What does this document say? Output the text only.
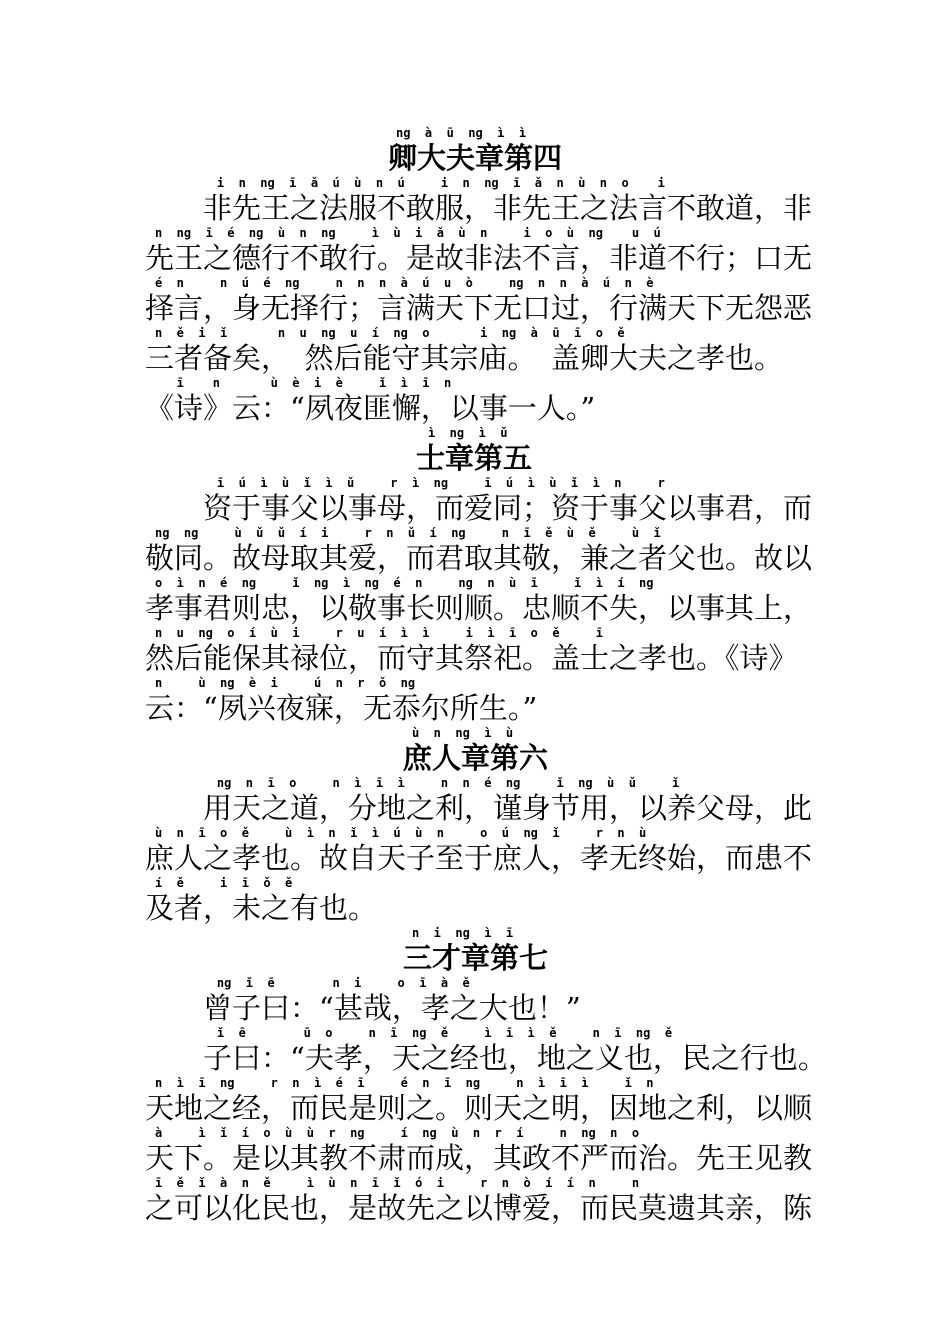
ng  à  ū  ng  ì  ì
卿大夫章第四
i  n  ng  ī  ǎ  ú  ù  n  ú     i  n  ng  ī  ǎ  n  ù  n  o    i
　　非先王之法服不敢服，非先王之法言不敢道，非
n  ng  ī  é  ng  ù  n  ng     ì  ù  i  ǎ  ù  n     i  o  ù  ng    u  ú
先王之德行不敢行。是故非法不言，非道不行；口无
é  n     n  ú  é  ng     n  n  n  à  ú  u  ò     ng  n  n  à  ú  n  è
择言，身无择行；言满天下无口过，行满天下无怨恶
n  ě  i  ǐ       n  u  ng  u  í  ng  o       i  ng  à  ū  ī  o  ě
三者备矣，　然后能守其宗庙。　盖卿大夫之孝也。
ī    n       ù  è  i  è     ǐ  ì  ī  n
《诗》云：“夙夜匪懈，以事一人。”
ì  ng  ì  ǔ
士章第五
ī  ú  ì  ù  ǐ  ì  ǔ     r  ì  ng     ī  ú  ì  ù  ǐ  ì  n     r
　　资于事父以事母，而爱同；资于事父以事君，而
ng  ng     ù  ǔ  ǔ  í  i     r  n  ǔ  í  ng     n  ī  ě  ù  ě     ù  ǐ
敬同。故母取其爱，而君取其敬，兼之者父也。故以
o  ì  n  é  ng     ǐ  ng  ì  ng  é  n     ng  n  ù  ī     ǐ  ì  í  ng
孝事君则忠，以敬事长则顺。忠顺不失，以事其上，
n  u  ng  o  í  ù  i     r  u  í  ì  ì     i  ì  ī  o  ě     ī
然后能保其禄位，而守其祭祀。盖士之孝也。《诗》
n     ù  ng  è  i     ú  n  r  ǒ  ng
云：“夙兴夜寐，无忝尔所生。”
ù  n  ng  ì  ù
庶人章第六
ng  n  ī  o     n  ì  ī  ì     n  n  é  ng     ǐ  ng  ù  ǔ     ǐ
　　用天之道，分地之利，谨身节用，以养父母，此
ù  n  ī  o  ě     ù  ì  n  ǐ  ì  ú  ù  n     o  ú  ng  ǐ     r  n  ù
庶人之孝也。故自天子至于庶人，孝无终始，而患不
í  ě     i  ī  ǒ  ě
及者，未之有也。
n  i  ng  ì  ī
三才章第七
ng  ǐ  ē        n  i     o  ī  à  ě
　　曾子曰：“甚哉，孝之大也！”
ǐ  ē        ū  o     n  ī  ng  ě     ì  ī  ì  ě     n  ī  ng  ě
　　子曰：“夫孝，天之经也，地之义也，民之行也。
n  ì  ī  ng     r  n  ì  é  ī     é  n  ī  ng     n  ì  ī  ì     ǐ  n
天地之经，而民是则之。则天之明，因地之利，以顺
à     ì  ǐ  í  o  ù  ù  r  ng     í  ng  ù  n  r  í     n  ng  n  o
天下。是以其教不肃而成，其政不严而治。先王见教
ī  ě  ǐ  à  n  ě     ì  ù  n  ī  ǐ  ó  i     r  n  ò  í  í  n     n
之可以化民也，是故先之以博爱，而民莫遗其亲，陈
